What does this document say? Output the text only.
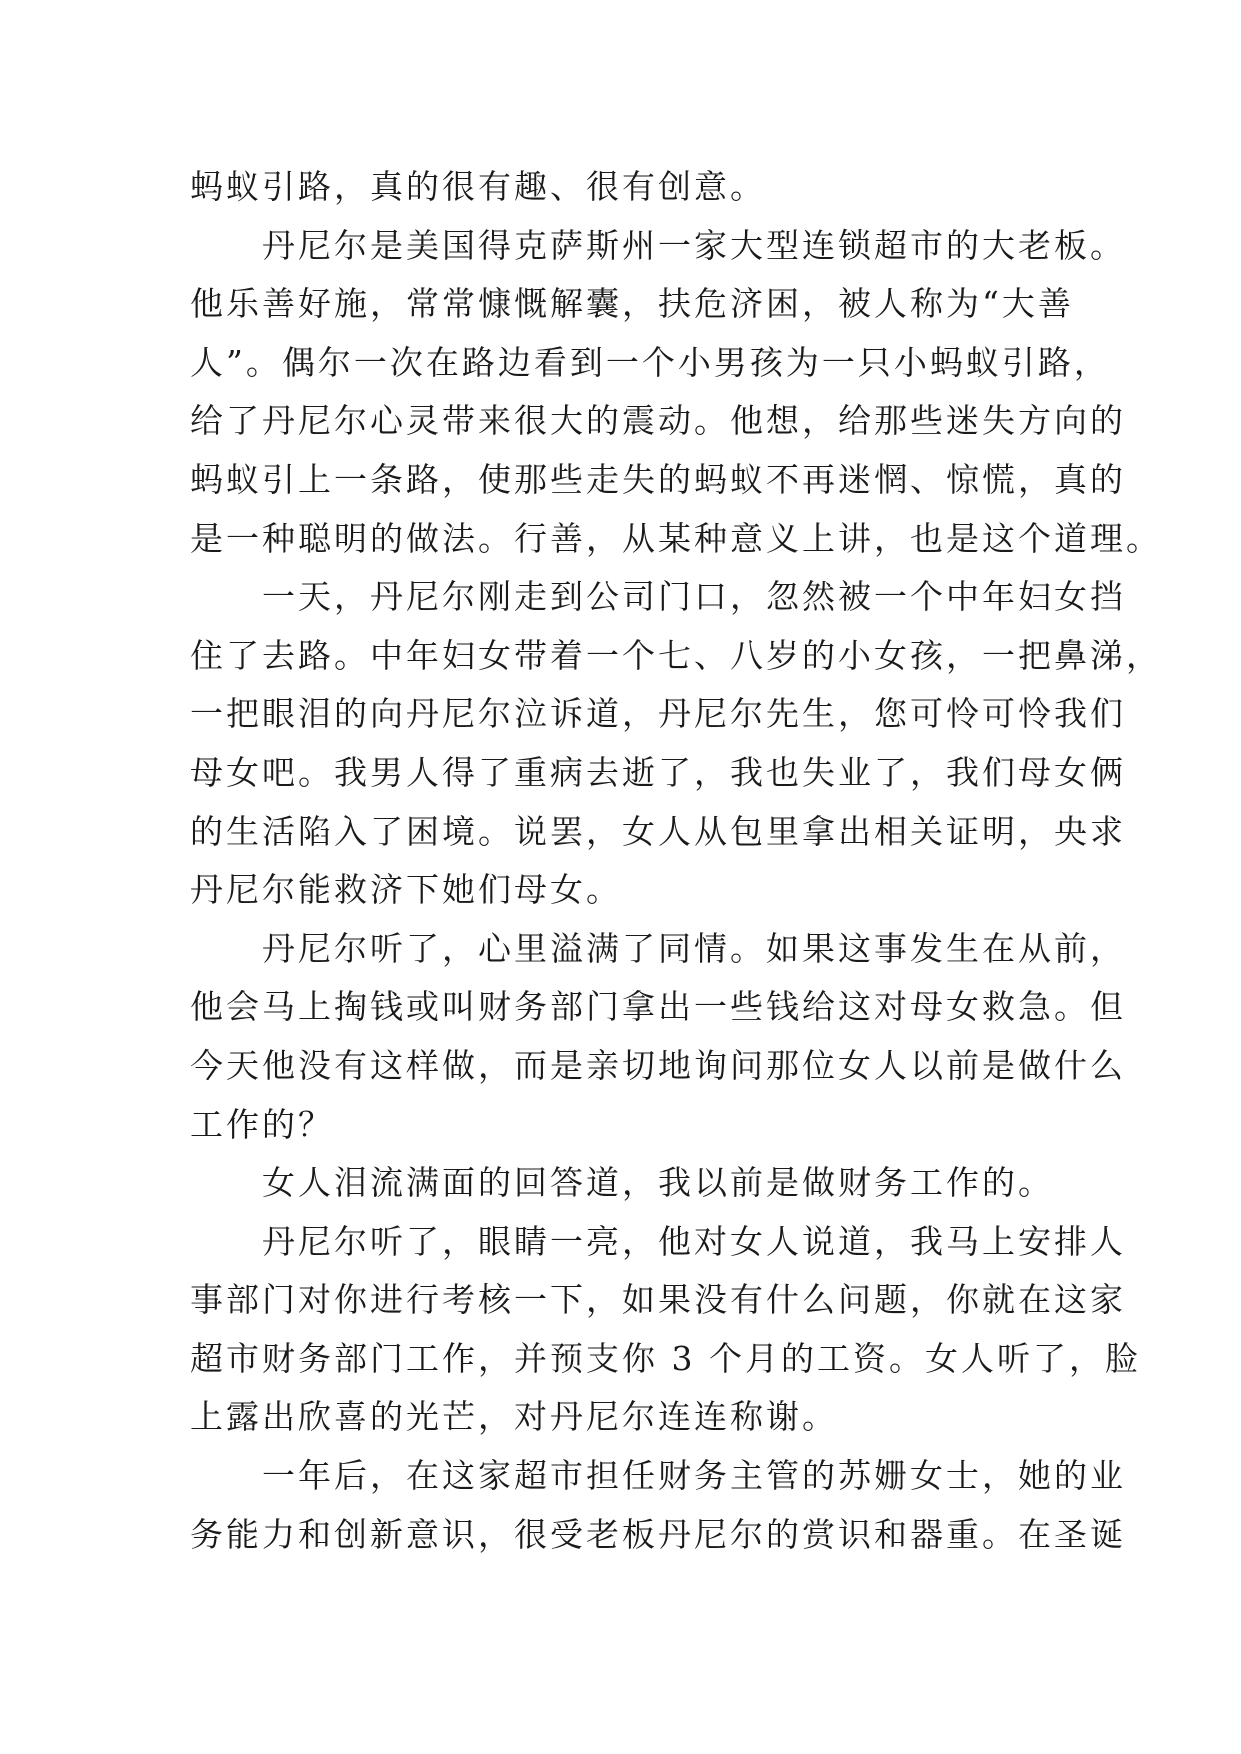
蚂蚁引路，真的很有趣、很有创意。
　　丹尼尔是美国得克萨斯州一家大型连锁超市的大老板。
他乐善好施，常常慷慨解囊，扶危济困，被人称为“大善
人”。偶尔一次在路边看到一个小男孩为一只小蚂蚁引路，
给了丹尼尔心灵带来很大的震动。他想，给那些迷失方向的
蚂蚁引上一条路，使那些走失的蚂蚁不再迷惘、惊慌，真的
是一种聪明的做法。行善，从某种意义上讲，也是这个道理。
　　一天，丹尼尔刚走到公司门口，忽然被一个中年妇女挡
住了去路。中年妇女带着一个七、八岁的小女孩，一把鼻涕，
一把眼泪的向丹尼尔泣诉道，丹尼尔先生，您可怜可怜我们
母女吧。我男人得了重病去逝了，我也失业了，我们母女俩
的生活陷入了困境。说罢，女人从包里拿出相关证明，央求
丹尼尔能救济下她们母女。
　　丹尼尔听了，心里溢满了同情。如果这事发生在从前，
他会马上掏钱或叫财务部门拿出一些钱给这对母女救急。但
今天他没有这样做，而是亲切地询问那位女人以前是做什么
工作的？
　　女人泪流满面的回答道，我以前是做财务工作的。
　　丹尼尔听了，眼睛一亮，他对女人说道，我马上安排人
事部门对你进行考核一下，如果没有什么问题，你就在这家
超市财务部门工作，并预支你 3 个月的工资。女人听了，脸
上露出欣喜的光芒，对丹尼尔连连称谢。
　　一年后，在这家超市担任财务主管的苏姗女士，她的业
务能力和创新意识，很受老板丹尼尔的赏识和器重。在圣诞
